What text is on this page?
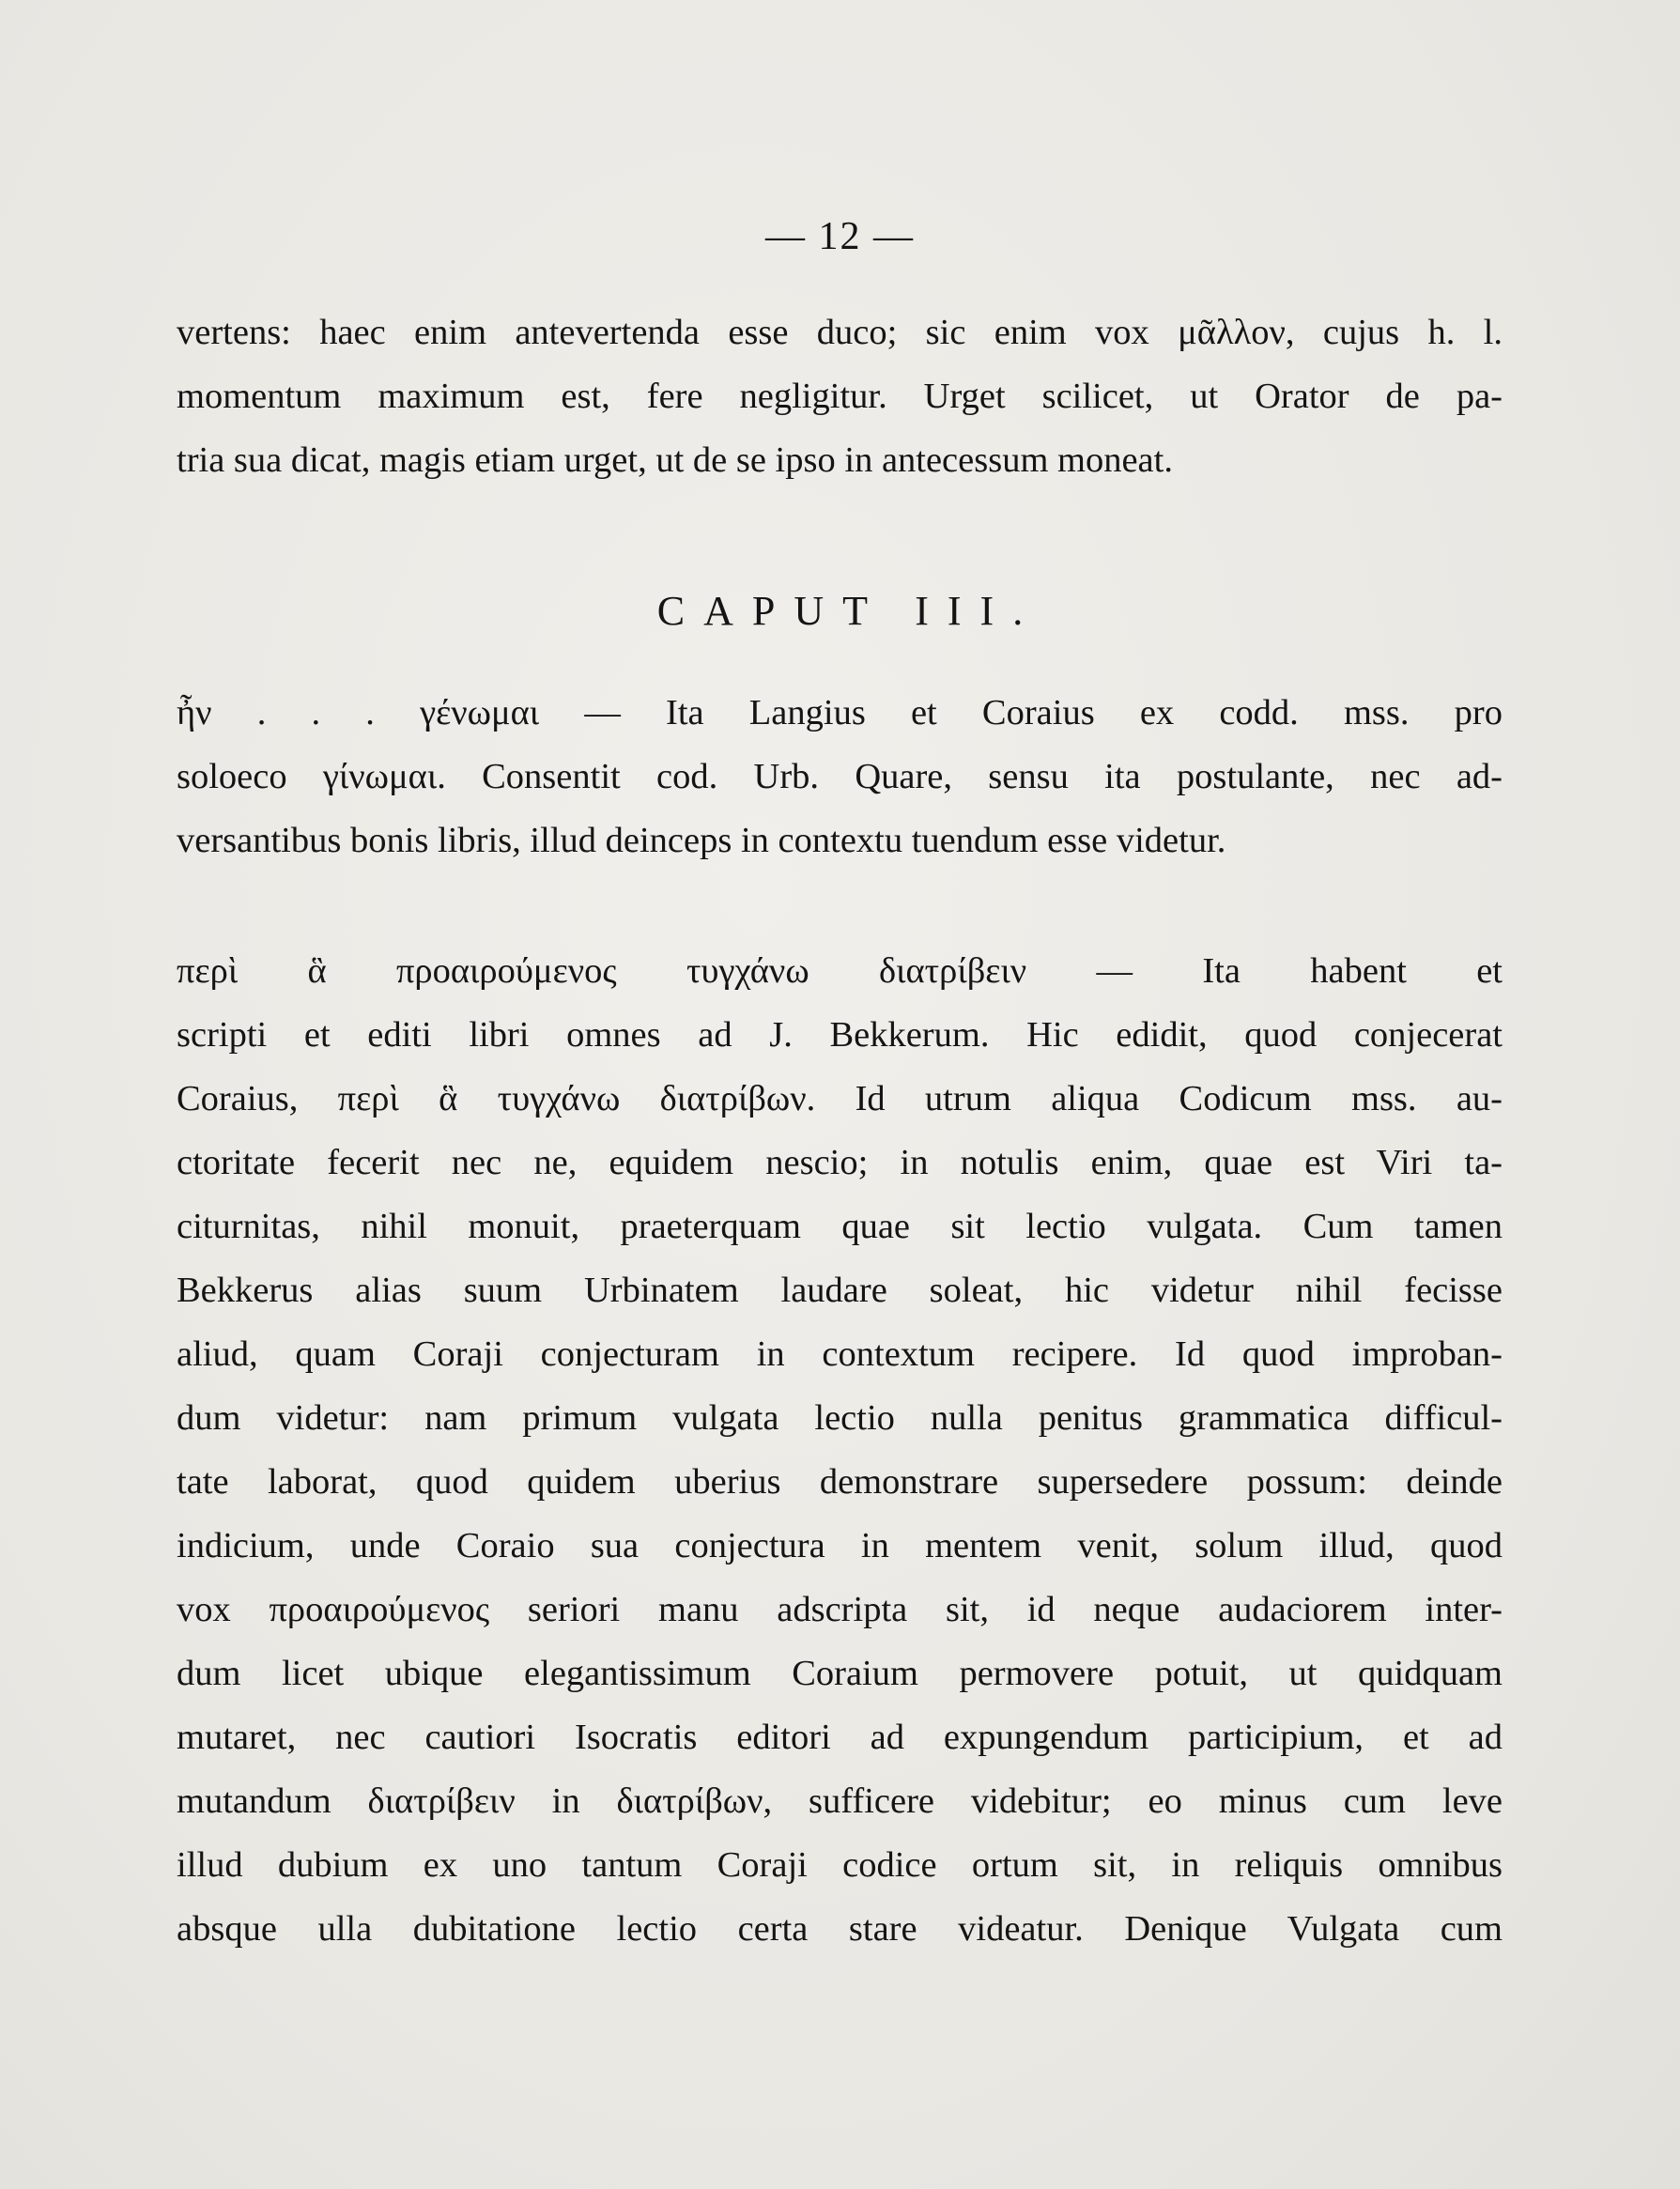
— 12 —
vertens: haec enim antevertenda esse duco; sic enim vox μᾶλλον, cujus h. l.
momentum maximum est, fere negligitur. Urget scilicet, ut Orator de pa-
tria sua dicat, magis etiam urget, ut de se ipso in antecessum moneat.
CAPUT III.
ἦν . . . γένωμαι — Ita Langius et Coraius ex codd. mss. pro
soloeco γίνωμαι. Consentit cod. Urb. Quare, sensu ita postulante, nec ad-
versantibus bonis libris, illud deinceps in contextu tuendum esse videtur.
περὶ ἃ προαιρούμενος τυγχάνω διατρίβειν — Ita habent et
scripti et editi libri omnes ad J. Bekkerum. Hic edidit, quod conjecerat
Coraius, περὶ ἃ τυγχάνω διατρίβων. Id utrum aliqua Codicum mss. au-
ctoritate fecerit nec ne, equidem nescio; in notulis enim, quae est Viri ta-
citurnitas, nihil monuit, praeterquam quae sit lectio vulgata. Cum tamen
Bekkerus alias suum Urbinatem laudare soleat, hic videtur nihil fecisse
aliud, quam Coraji conjecturam in contextum recipere. Id quod improban-
dum videtur: nam primum vulgata lectio nulla penitus grammatica difficul-
tate laborat, quod quidem uberius demonstrare supersedere possum: deinde
indicium, unde Coraio sua conjectura in mentem venit, solum illud, quod
vox προαιρούμενος seriori manu adscripta sit, id neque audaciorem inter-
dum licet ubique elegantissimum Coraium permovere potuit, ut quidquam
mutaret, nec cautiori Isocratis editori ad expungendum participium, et ad
mutandum διατρίβειν in διατρίβων, sufficere videbitur; eo minus cum leve
illud dubium ex uno tantum Coraji codice ortum sit, in reliquis omnibus
absque ulla dubitatione lectio certa stare videatur. Denique Vulgata cum
